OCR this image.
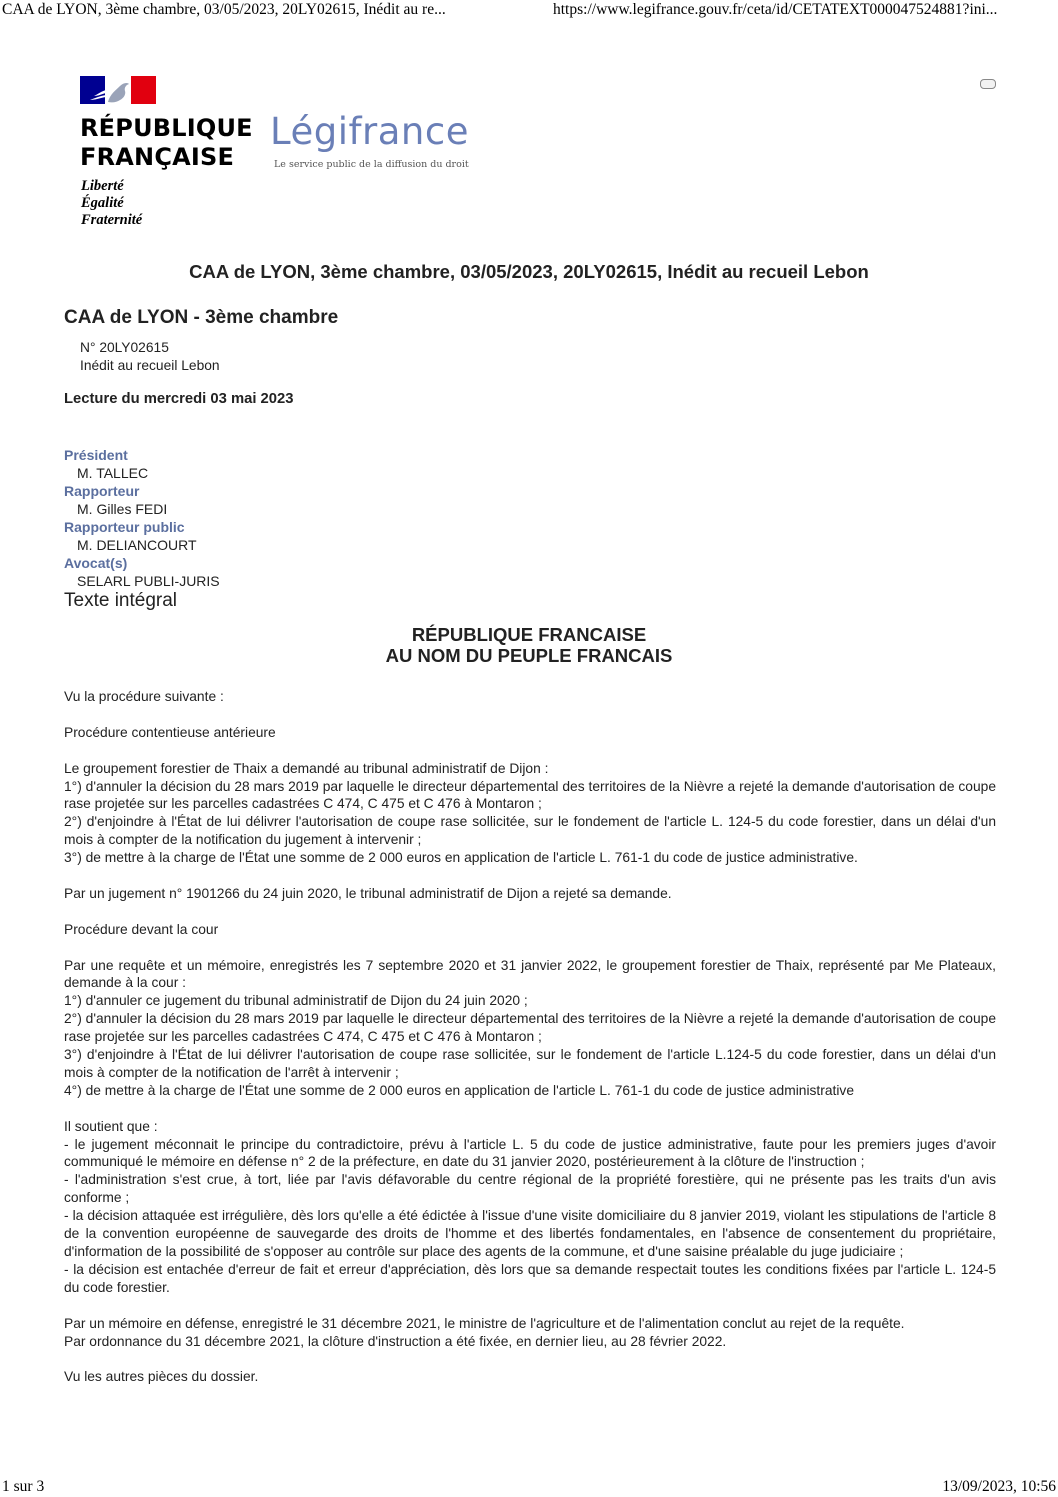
CAA de LYON, 3ème chambre, 03/05/2023, 20LY02615, Inédit au re...	https://www.legifrance.gouv.fr/ceta/id/CETATEXT000047524881?ini...
RÉPUBLIQUE
FRANÇAISE
Liberté
Égalité
Fraternité
Légifrance
Le service public de la diffusion du droit
CAA de LYON, 3ème chambre, 03/05/2023, 20LY02615, Inédit au recueil Lebon
CAA de LYON - 3ème chambre
N° 20LY02615
Inédit au recueil Lebon
Lecture du mercredi 03 mai 2023
Président
M. TALLEC
Rapporteur
M. Gilles FEDI
Rapporteur public
M. DELIANCOURT
Avocat(s)
SELARL PUBLI-JURIS
Texte intégral
RÉPUBLIQUE FRANCAISE
AU NOM DU PEUPLE FRANCAIS

Vu la procédure suivante :

Procédure contentieuse antérieure

Le groupement forestier de Thaix a demandé au tribunal administratif de Dijon :
1°) d'annuler la décision du 28 mars 2019 par laquelle le directeur départemental des territoires de la Nièvre a rejeté la demande d'autorisation de coupe rase projetée sur les parcelles cadastrées C 474, C 475 et C 476 à Montaron ;
2°) d'enjoindre à l'État de lui délivrer l'autorisation de coupe rase sollicitée, sur le fondement de l'article L. 124-5 du code forestier, dans un délai d'un mois à compter de la notification du jugement à intervenir ;
3°) de mettre à la charge de l'État une somme de 2 000 euros en application de l'article L. 761-1 du code de justice administrative.

Par un jugement n° 1901266 du 24 juin 2020, le tribunal administratif de Dijon a rejeté sa demande.

Procédure devant la cour

Par une requête et un mémoire, enregistrés les 7 septembre 2020 et 31 janvier 2022, le groupement forestier de Thaix, représenté par Me Plateaux, demande à la cour :
1°) d'annuler ce jugement du tribunal administratif de Dijon du 24 juin 2020 ;
2°) d'annuler la décision du 28 mars 2019 par laquelle le directeur départemental des territoires de la Nièvre a rejeté la demande d'autorisation de coupe rase projetée sur les parcelles cadastrées C 474, C 475 et C 476 à Montaron ;
3°) d'enjoindre à l'État de lui délivrer l'autorisation de coupe rase sollicitée, sur le fondement de l'article L.124-5 du code forestier, dans un délai d'un mois à compter de la notification de l'arrêt à intervenir ;
4°) de mettre à la charge de l'État une somme de 2 000 euros en application de l'article L. 761-1 du code de justice administrative

Il soutient que :
- le jugement méconnait le principe du contradictoire, prévu à l'article L. 5 du code de justice administrative, faute pour les premiers juges d'avoir communiqué le mémoire en défense n° 2 de la préfecture, en date du 31 janvier 2020, postérieurement à la clôture de l'instruction ;
- l'administration s'est crue, à tort, liée par l'avis défavorable du centre régional de la propriété forestière, qui ne présente pas les traits d'un avis conforme ;
- la décision attaquée est irrégulière, dès lors qu'elle a été édictée à l'issue d'une visite domiciliaire du 8 janvier 2019, violant les stipulations de l'article 8 de la convention européenne de sauvegarde des droits de l'homme et des libertés fondamentales, en l'absence de consentement du propriétaire, d'information de la possibilité de s'opposer au contrôle sur place des agents de la commune, et d'une saisine préalable du juge judiciaire ;
- la décision est entachée d'erreur de fait et erreur d'appréciation, dès lors que sa demande respectait toutes les conditions fixées par l'article L. 124-5 du code forestier.

Par un mémoire en défense, enregistré le 31 décembre 2021, le ministre de l'agriculture et de l'alimentation conclut au rejet de la requête.
Par ordonnance du 31 décembre 2021, la clôture d'instruction a été fixée, en dernier lieu, au 28 février 2022.

Vu les autres pièces du dossier.

1 sur 3	13/09/2023, 10:56
